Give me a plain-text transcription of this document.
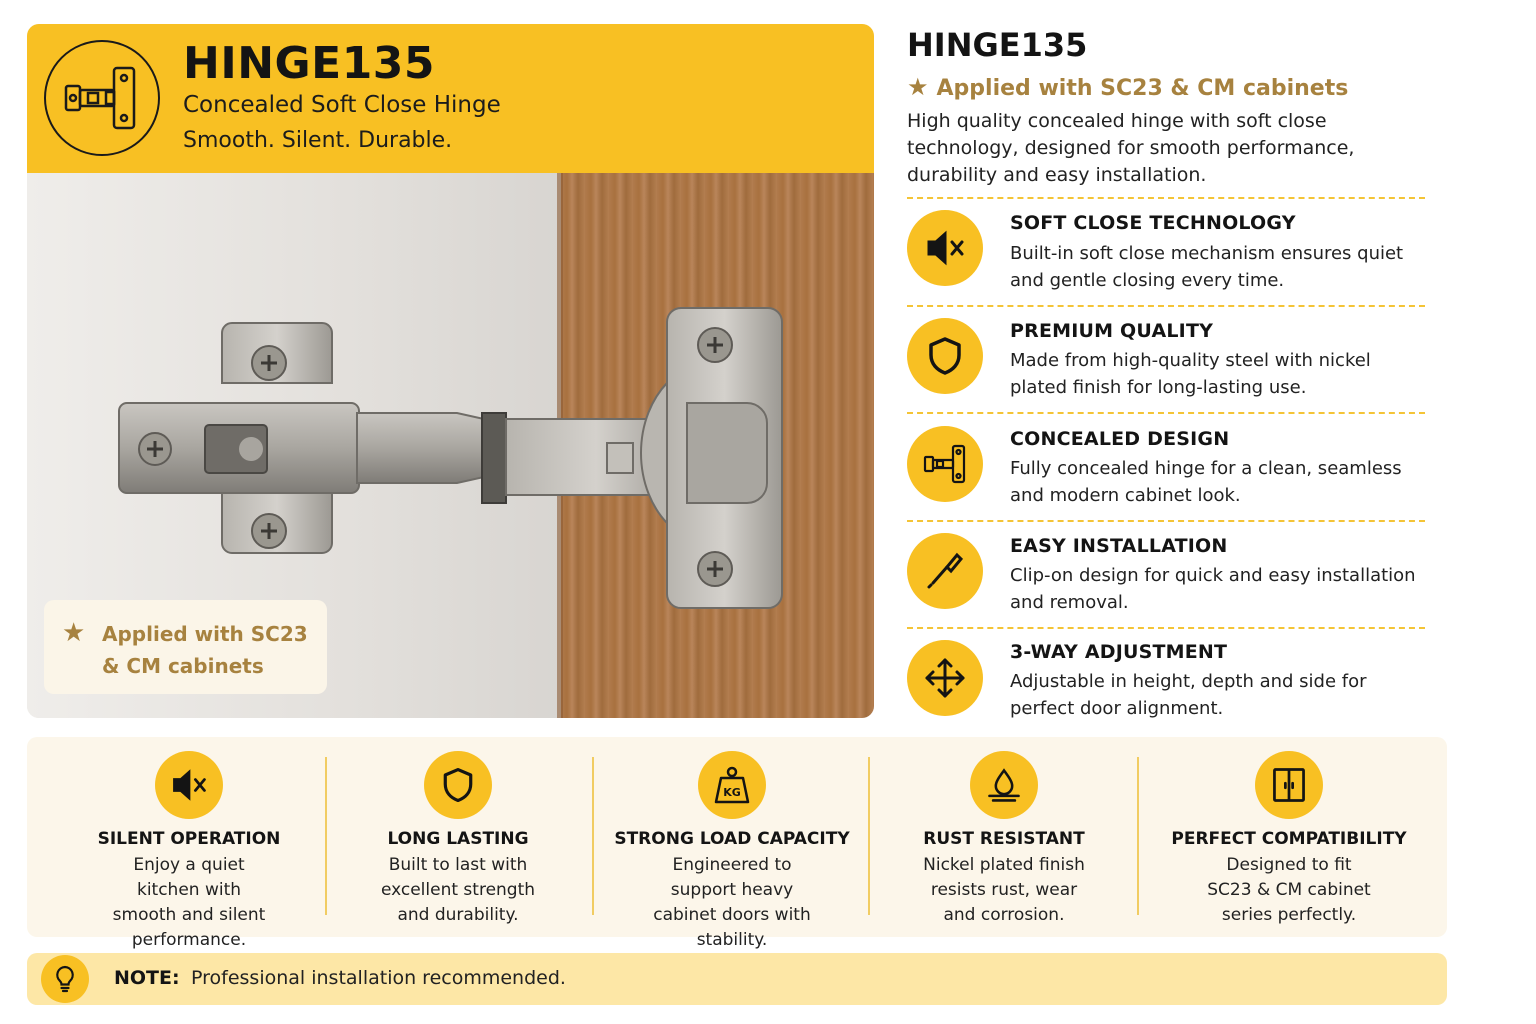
HINGE135
Concealed Soft Close Hinge
Smooth. Silent. Durable.
★ Applied with SC23 & CM cabinets
HINGE135
★ Applied with SC23 & CM cabinets
High quality concealed hinge with soft close technology, designed for smooth performance, durability and easy installation.
SOFT CLOSE TECHNOLOGY
Built-in soft close mechanism ensures quiet and gentle closing every time.
PREMIUM QUALITY
Made from high-quality steel with nickel plated finish for long-lasting use.
CONCEALED DESIGN
Fully concealed hinge for a clean, seamless and modern cabinet look.
EASY INSTALLATION
Clip-on design for quick and easy installation and removal.
3-WAY ADJUSTMENT
Adjustable in height, depth and side for perfect door alignment.
SILENT OPERATION
Enjoy a quiet kitchen with smooth and silent performance.
LONG LASTING
Built to last with excellent strength and durability.
KG
STRONG LOAD CAPACITY
Engineered to support heavy cabinet doors with stability.
RUST RESISTANT
Nickel plated finish resists rust, wear and corrosion.
PERFECT COMPATIBILITY
Designed to fit SC23 & CM cabinet series perfectly.
NOTE: Professional installation recommended.
